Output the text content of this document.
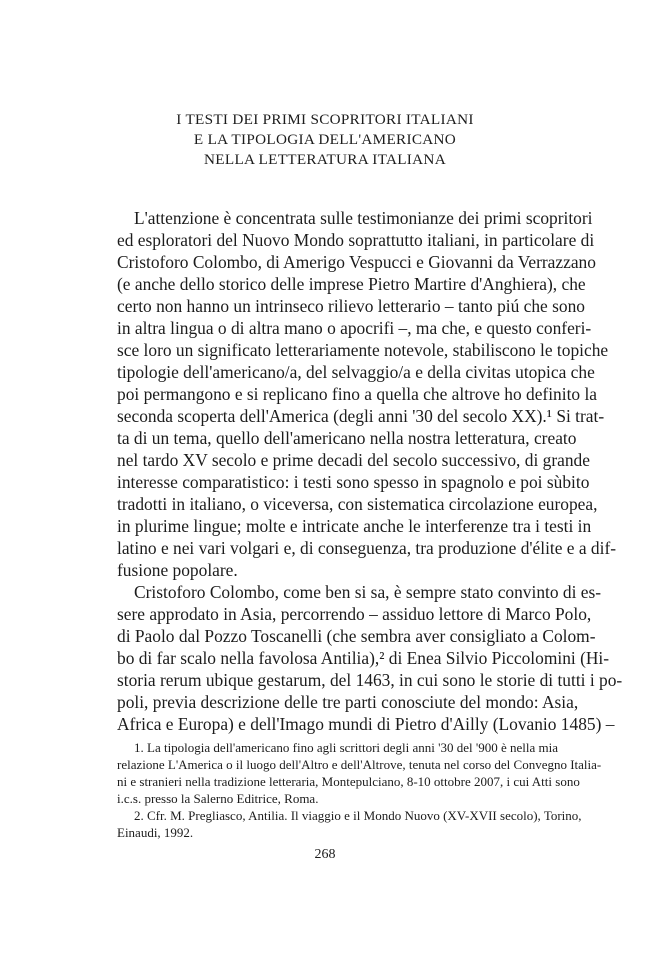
I TESTI DEI PRIMI SCOPRITORI ITALIANI
E LA TIPOLOGIA DELL'AMERICANO
NELLA LETTERATURA ITALIANA
L'attenzione è concentrata sulle testimonianze dei primi scopritori
ed esploratori del Nuovo Mondo soprattutto italiani, in particolare di
Cristoforo Colombo, di Amerigo Vespucci e Giovanni da Verrazzano
(e anche dello storico delle imprese Pietro Martire d'Anghiera), che
certo non hanno un intrinseco rilievo letterario – tanto piú che sono
in altra lingua o di altra mano o apocrifi –, ma che, e questo conferi-
sce loro un significato letterariamente notevole, stabiliscono le topiche
tipologie dell'americano/a, del selvaggio/a e della civitas utopica che
poi permangono e si replicano fino a quella che altrove ho definito la
seconda scoperta dell'America (degli anni '30 del secolo XX).¹ Si trat-
ta di un tema, quello dell'americano nella nostra letteratura, creato
nel tardo XV secolo e prime decadi del secolo successivo, di grande
interesse comparatistico: i testi sono spesso in spagnolo e poi sùbito
tradotti in italiano, o viceversa, con sistematica circolazione europea,
in plurime lingue; molte e intricate anche le interferenze tra i testi in
latino e nei vari volgari e, di conseguenza, tra produzione d'élite e a dif-
fusione popolare.
Cristoforo Colombo, come ben si sa, è sempre stato convinto di es-
sere approdato in Asia, percorrendo – assiduo lettore di Marco Polo,
di Paolo dal Pozzo Toscanelli (che sembra aver consigliato a Colom-
bo di far scalo nella favolosa Antilia),² di Enea Silvio Piccolomini (Hi-
storia rerum ubique gestarum, del 1463, in cui sono le storie di tutti i po-
poli, previa descrizione delle tre parti conosciute del mondo: Asia,
Africa e Europa) e dell'Imago mundi di Pietro d'Ailly (Lovanio 1485) –
1. La tipologia dell'americano fino agli scrittori degli anni '30 del '900 è nella mia
relazione L'America o il luogo dell'Altro e dell'Altrove, tenuta nel corso del Convegno Italia-
ni e stranieri nella tradizione letteraria, Montepulciano, 8-10 ottobre 2007, i cui Atti sono
i.c.s. presso la Salerno Editrice, Roma.
2. Cfr. M. Pregliasco, Antilia. Il viaggio e il Mondo Nuovo (XV-XVII secolo), Torino,
Einaudi, 1992.
268
